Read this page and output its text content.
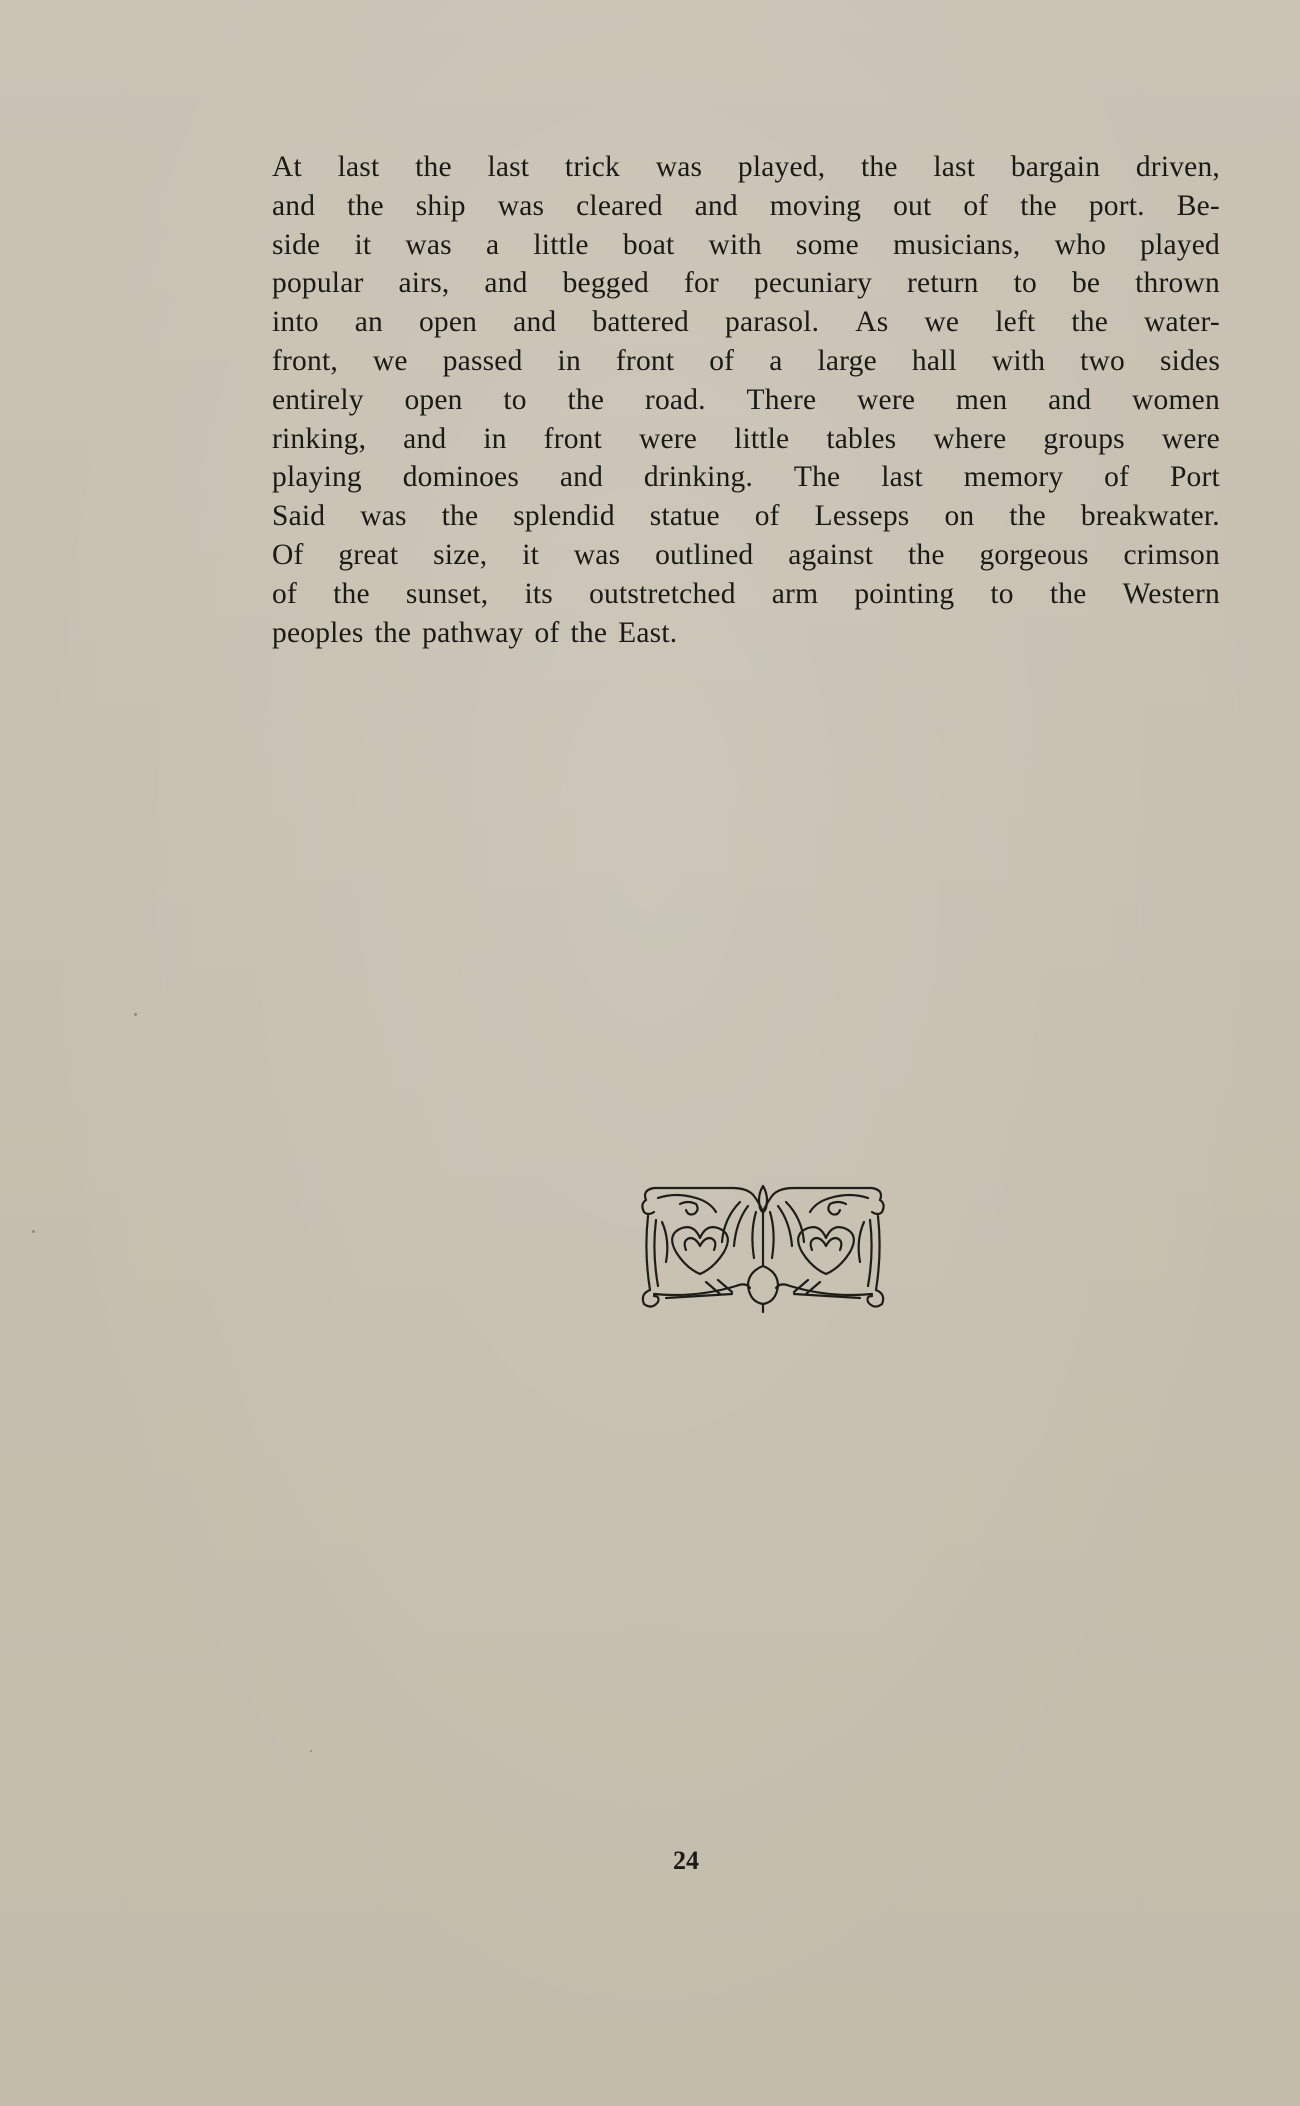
At last the last trick was played, the last bargain driven,
and the ship was cleared and moving out of the port. Be-
side it was a little boat with some musicians, who played
popular airs, and begged for pecuniary return to be thrown
into an open and battered parasol. As we left the water-
front, we passed in front of a large hall with two sides
entirely open to the road. There were men and women
rinking, and in front were little tables where groups were
playing dominoes and drinking. The last memory of Port
Said was the splendid statue of Lesseps on the breakwater.
Of great size, it was outlined against the gorgeous crimson
of the sunset, its outstretched arm pointing to the Western
peoples the pathway of the East.
24
